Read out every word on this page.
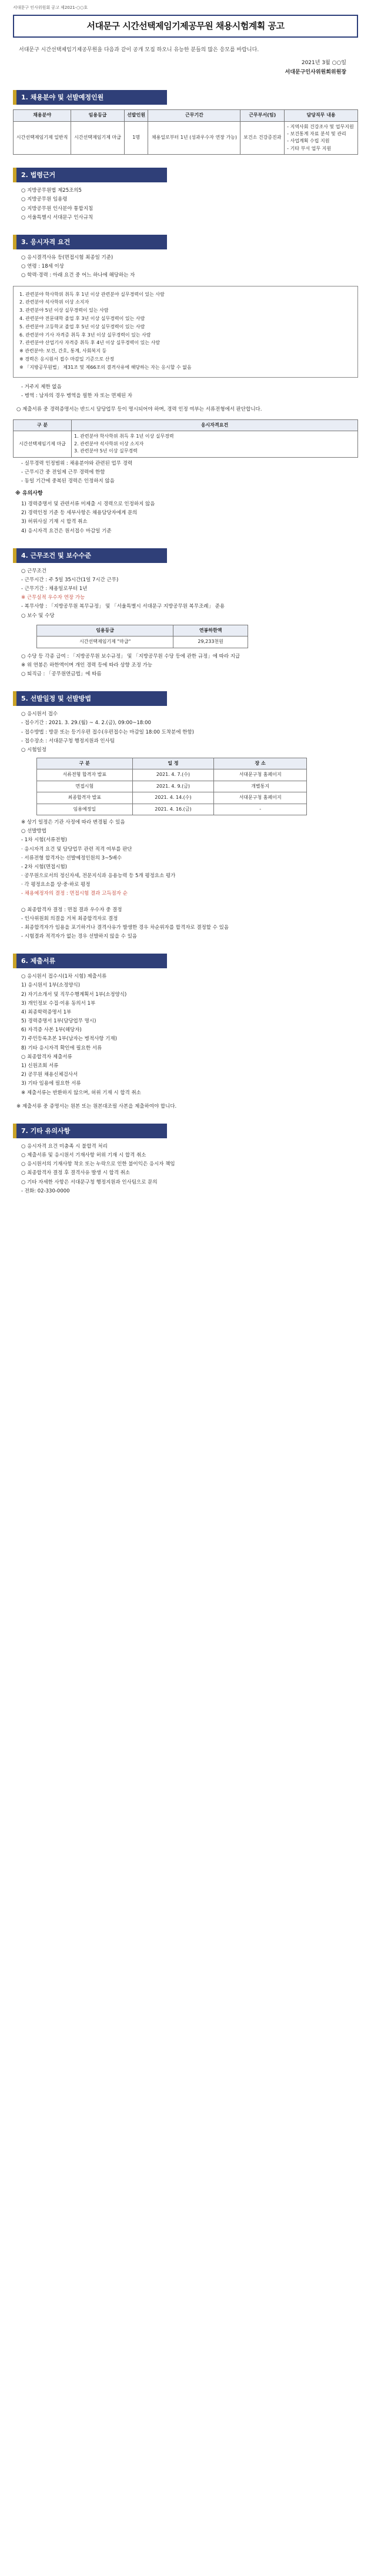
서대문구 인사위원회 공고 제2021-○○호
서대문구 시간선택제임기제공무원 채용시험계획 공고
서대문구 시간선택제임기제공무원을 다음과 같이 공개 모집 하오니 유능한 분들의 많은 응모를 바랍니다.
2021년 3월 ○○일
서대문구인사위원회위원장
1. 채용분야 및 선발예정인원
채용분야	임용등급	선발인원	근무기간	근무부서(팀)	담당직무 내용
시간선택제임기제 일반직	시간선택제임기제 마급	1명	채용일로부터 1년 (성과우수자 연장 가능)	보건소 건강증진과	- 지역사회 건강조사 및 업무지원
- 보건통계 자료 분석 및 관리
- 사업계획 수립 지원
- 기타 부서 업무 지원
2. 법령근거
○ 지방공무원법 제25조의5
○ 지방공무원 임용령
○ 지방공무원 인사분야 통합지침
○ 서울특별시 서대문구 인사규칙
3. 응시자격 요건
○ 응시결격사유 등(면접시험 최종일 기준)
○ 연령 : 18세 이상
○ 학력·경력 : 아래 요건 중 어느 하나에 해당하는 자
1. 관련분야 학사학위 취득 후 1년 이상 관련분야 실무경력이 있는 사람
2. 관련분야 석사학위 이상 소지자
3. 관련분야 5년 이상 실무경력이 있는 사람
4. 관련분야 전문대학 졸업 후 3년 이상 실무경력이 있는 사람
5. 관련분야 고등학교 졸업 후 5년 이상 실무경력이 있는 사람
6. 관련분야 기사 자격증 취득 후 3년 이상 실무경력이 있는 사람
7. 관련분야 산업기사 자격증 취득 후 4년 이상 실무경력이 있는 사람
※ 관련분야: 보건, 간호, 통계, 사회복지 등
※ 경력은 응시원서 접수 마감일 기준으로 산정
※ 「지방공무원법」 제31조 및 제66조의 결격사유에 해당하는 자는 응시할 수 없음
- 거주지 제한 없음
- 병역 : 남자의 경우 병역을 필한 자 또는 면제된 자
○ 제출서류 중 경력증명서는 반드시 담당업무 등이 명시되어야 하며, 경력 인정 여부는 서류전형에서 판단합니다.
구 분	응시자격요건
시간선택제임기제 마급	1. 관련분야 학사학위 취득 후 1년 이상 실무경력
2. 관련분야 석사학위 이상 소지자
3. 관련분야 5년 이상 실무경력
- 실무경력 인정범위 : 채용분야와 관련된 업무 경력
- 근무시간 중 전일제 근무 경력에 한함
- 동일 기간에 중복된 경력은 인정하지 않음
※ 유의사항
1) 경력증명서 및 관련서류 미제출 시 경력으로 인정하지 않음
2) 경력인정 기준 등 세부사항은 채용담당자에게 문의
3) 허위사실 기재 시 합격 취소
4) 응시자격 요건은 원서접수 마감일 기준
4. 근무조건 및 보수수준
○ 근무조건
- 근무시간 : 주 5일 35시간(1일 7시간 근무)
- 근무기간 : 채용일로부터 1년
※ 근무실적 우수자 연장 가능
- 복무사항 : 「지방공무원 복무규정」 및 「서울특별시 서대문구 지방공무원 복무조례」 준용
○ 보수 및 수당
임용등급	연봉하한액
시간선택제임기제 "마급"	29,233천원
○ 수당 등 각종 급여 : 「지방공무원 보수규정」 및 「지방공무원 수당 등에 관한 규정」에 따라 지급
※ 위 연봉은 하한액이며 개인 경력 등에 따라 상향 조정 가능
○ 퇴직금 : 「공무원연금법」에 따름
5. 선발일정 및 선발방법
○ 응시원서 접수
- 접수기간 : 2021. 3. 29.(월) ~ 4. 2.(금), 09:00~18:00
- 접수방법 : 방문 또는 등기우편 접수(우편접수는 마감일 18:00 도착분에 한함)
- 접수장소 : 서대문구청 행정지원과 인사팀
○ 시험일정
구 분	일 정	장 소
서류전형 합격자 발표	2021. 4. 7.(수)	서대문구청 홈페이지
면접시험	2021. 4. 9.(금)	개별통지
최종합격자 발표	2021. 4. 14.(수)	서대문구청 홈페이지
임용예정일	2021. 4. 16.(금)	-
※ 상기 일정은 기관 사정에 따라 변경될 수 있음
○ 선발방법
- 1차 시험(서류전형)
· 응시자격 요건 및 담당업무 관련 적격 여부를 판단
· 서류전형 합격자는 선발예정인원의 3~5배수
- 2차 시험(면접시험)
· 공무원으로서의 정신자세, 전문지식과 응용능력 등 5개 평정요소 평가
· 각 평정요소를 상·중·하로 평정
- 채용예정자의 결정 : 면접시험 결과 고득점자 순
○ 최종합격자 결정 : 면접 결과 우수자 중 결정
- 인사위원회 의결을 거쳐 최종합격자로 결정
- 최종합격자가 임용을 포기하거나 결격사유가 발생한 경우 차순위자를 합격자로 결정할 수 있음
- 시험결과 적격자가 없는 경우 선발하지 않을 수 있음
6. 제출서류
○ 응시원서 접수시(1차 시험) 제출서류
1) 응시원서 1부(소정양식)
2) 자기소개서 및 직무수행계획서 1부(소정양식)
3) 개인정보 수집·이용 동의서 1부
4) 최종학력증명서 1부
5) 경력증명서 1부(담당업무 명시)
6) 자격증 사본 1부(해당자)
7) 주민등록초본 1부(남자는 병적사항 기재)
8) 기타 응시자격 확인에 필요한 서류
○ 최종합격자 제출서류
1) 신원조회 서류
2) 공무원 채용신체검사서
3) 기타 임용에 필요한 서류
※ 제출서류는 반환하지 않으며, 허위 기재 시 합격 취소
※ 제출서류 중 증명서는 원본 또는 원본대조필 사본을 제출하여야 합니다.
7. 기타 유의사항
○ 응시자격 요건 미충족 시 불합격 처리
○ 제출서류 및 응시원서 기재사항 허위 기재 시 합격 취소
○ 응시원서의 기재사항 착오 또는 누락으로 인한 불이익은 응시자 책임
○ 최종합격자 결정 후 결격사유 발생 시 합격 취소
○ 기타 자세한 사항은 서대문구청 행정지원과 인사팀으로 문의
- 전화: 02-330-0000
